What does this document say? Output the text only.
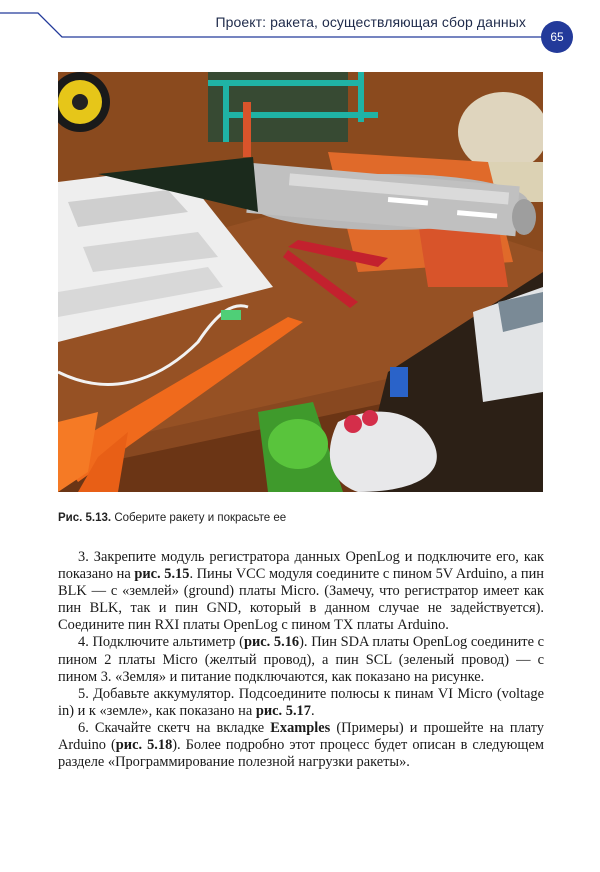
Проект: ракета, осуществляющая сбор данных
65
Рис. 5.13. Соберите ракету и покрасьте ее

3. Закрепите модуль регистратора данных OpenLog и подключите его, как показано на рис. 5.15. Пины VCC модуля соедините с пином 5V Arduino, а пин BLK — с «землей» (ground) платы Micro. (Замечу, что регистратор имеет как пин BLK, так и пин GND, который в данном случае не задействуется). Соедините пин RXI платы OpenLog с пином TX платы Arduino.

4. Подключите альтиметр (рис. 5.16). Пин SDA платы OpenLog соедините с пином 2 платы Micro (желтый провод), а пин SCL (зеленый провод) — с пином 3. «Земля» и питание подключаются, как показано на рисунке.

5. Добавьте аккумулятор. Подсоедините полюсы к пинам VI Micro (voltage in) и к «земле», как показано на рис. 5.17.

6. Скачайте скетч на вкладке Examples (Примеры) и прошейте на плату Arduino (рис. 5.18). Более подробно этот процесс будет описан в следующем разделе «Программирование полезной нагрузки ракеты».
